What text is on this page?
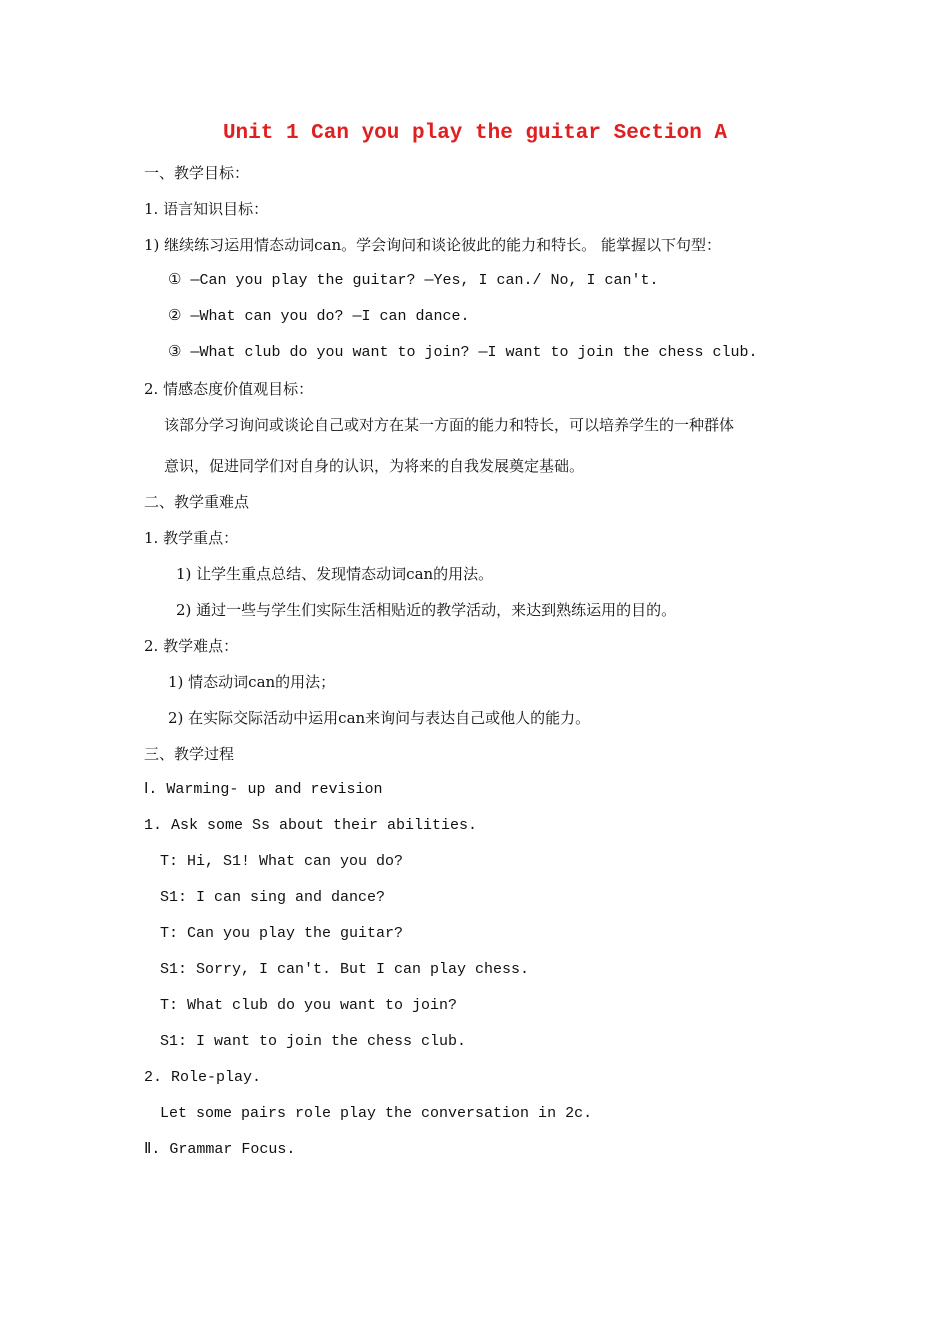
Unit 1 Can you play the guitar Section A
一、教学目标：
1. 语言知识目标：
1) 继续练习运用情态动词can。学会询问和谈论彼此的能力和特长。 能掌握以下句型：
① —Can you play the guitar? —Yes, I can./ No, I can't.
② —What can you do? —I can dance.
③ —What club do you want to join? —I want to join the chess club.
2. 情感态度价值观目标：
该部分学习询问或谈论自己或对方在某一方面的能力和特长，可以培养学生的一种群体
意识，促进同学们对自身的认识，为将来的自我发展奠定基础。
二、教学重难点
1. 教学重点：
1) 让学生重点总结、发现情态动词can的用法。
2) 通过一些与学生们实际生活相贴近的教学活动，来达到熟练运用的目的。
2. 教学难点：
1) 情态动词can的用法；
2) 在实际交际活动中运用can来询问与表达自己或他人的能力。
三、教学过程
Ⅰ. Warming- up and revision
1. Ask some Ss about their abilities.
T: Hi, S1! What can you do?
S1: I can sing and dance?
T: Can you play the guitar?
S1: Sorry, I can't. But I can play chess.
T: What club do you want to join?
S1: I want to join the chess club.
2. Role-play.
Let some pairs role play the conversation in 2c.
Ⅱ. Grammar Focus.
